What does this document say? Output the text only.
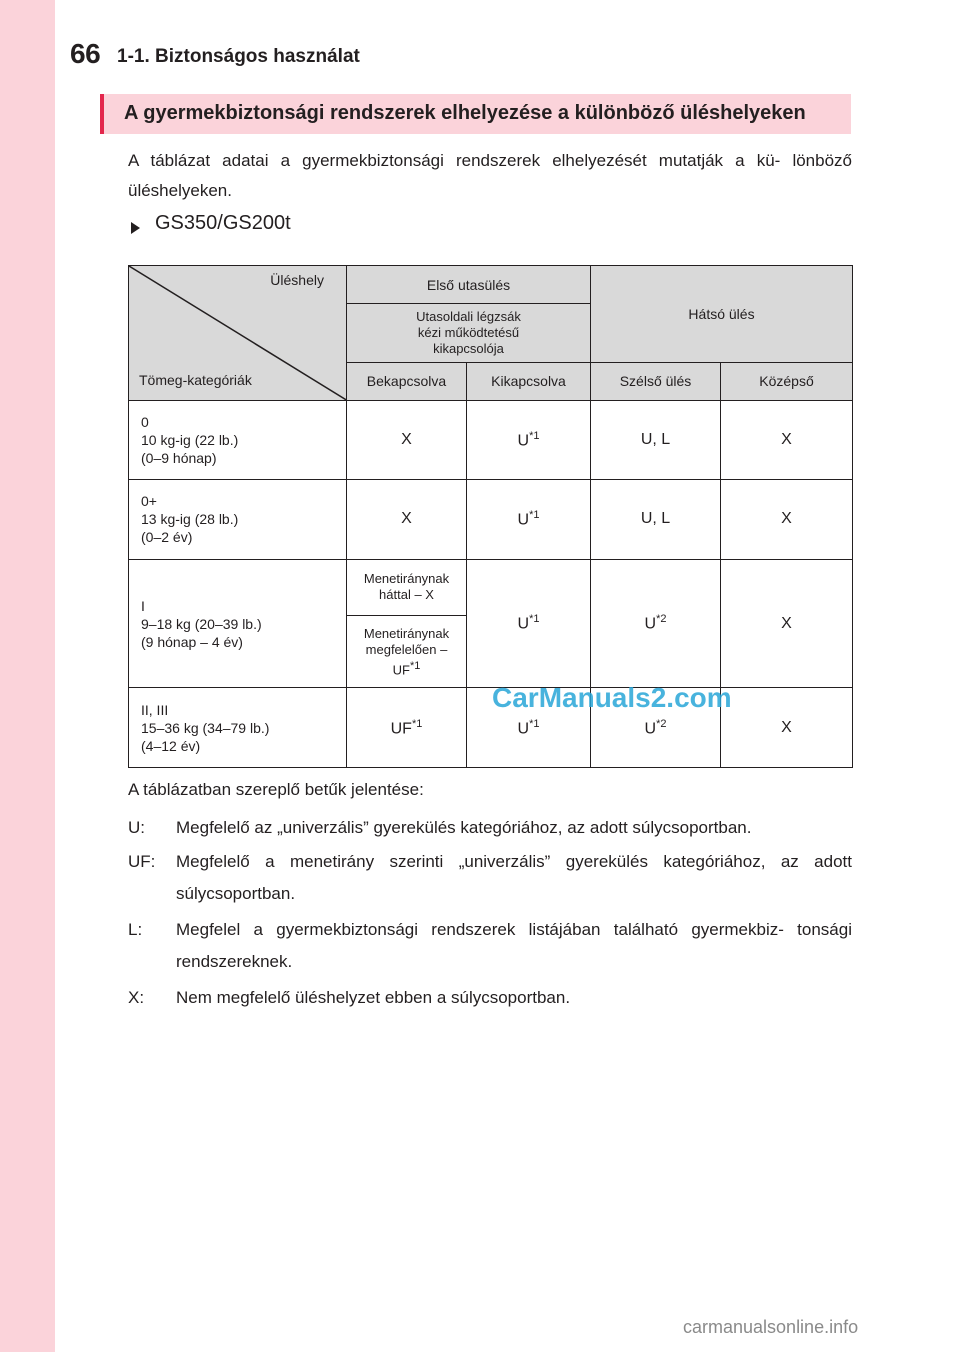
66 1-1. Biztonságos használat
A gyermekbiztonsági rendszerek elhelyezése a különböző üléshelyeken
A táblázat adatai a gyermekbiztonsági rendszerek elhelyezését mutatják a kü- lönböző üléshelyeken.
GS350/GS200t
Üléshely
Tömeg-kategóriák	Első utasülés		Hátsó ülés	
	Utasoldali légzsák kézi működtetésű kikapcsolója			
	Bekapcsolva	Kikapcsolva	Szélső ülés	Középső

0
10 kg-ig (22 lb.)
(0–9 hónap)	X	$U^{*1}$	U, L	X

0+
13 kg-ig (28 lb.)
(0–2 év)	X	$U^{*1}$	U, L	X

I
9–18 kg (20–39 lb.)
(9 hónap – 4 év)	Menetiránynak háttal – X	$U^{*1}$	$U^{*2}$	X
	Menetiránynak megfelelően – UF$^{*1}$

II, III
15–36 kg (34–79 lb.)
(4–12 év)	UF$^{*1}$	$U^{*1}$	$U^{*2}$	X
CarManuals2.com
A táblázatban szereplő betűk jelentése:
U:	Megfelelő az „univerzális” gyerekülés kategóriához, az adott súlycsoportban.
UF:	Megfelelő a menetirány szerinti „univerzális” gyerekülés kategóriához, az adott súlycsoportban.
L:	Megfelel a gyermekbiztonsági rendszerek listájában található gyermekbiz- tonsági rendszereknek.
X:	Nem megfelelő üléshelyzet ebben a súlycsoportban.
carmanualsonline.info
